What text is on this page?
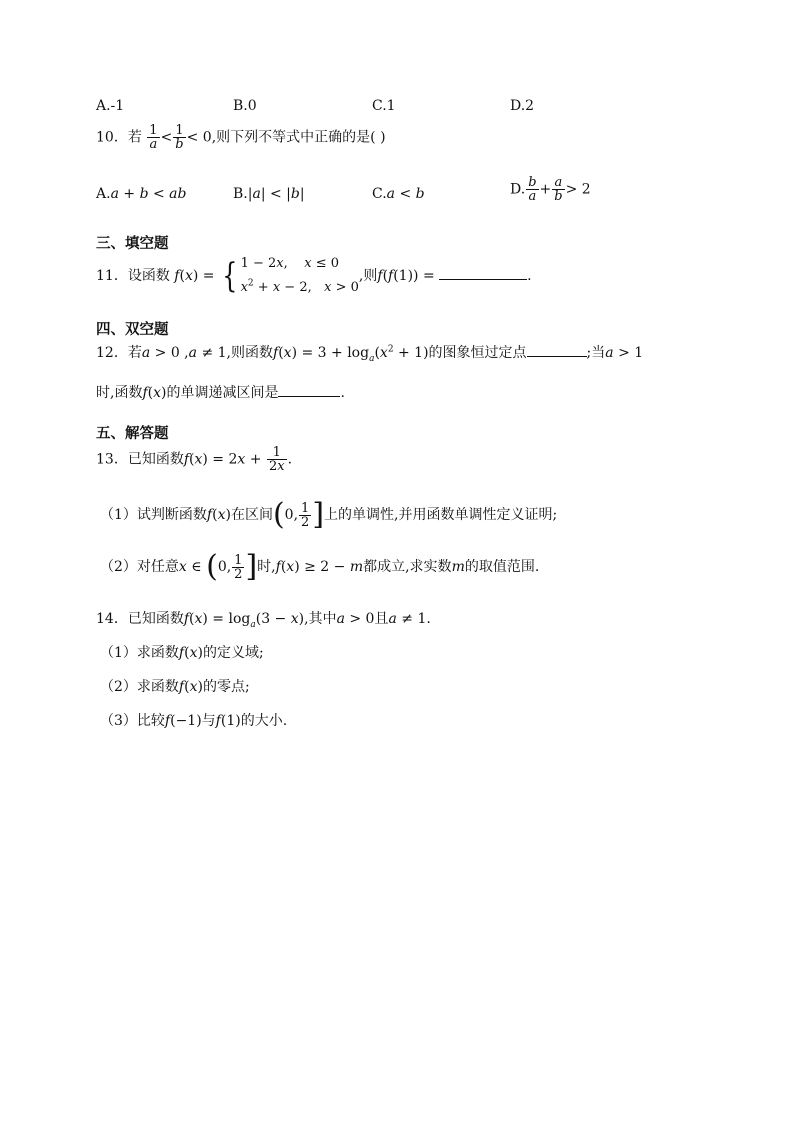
A.-1	B.0	C.1	D.2
10．若 $\frac{1}{a} < \frac{1}{b} < 0$,则下列不等式中正确的是( )
A.a + b < ab	B.|a| < |b|	C.a < b	D. $\frac{b}{a} + \frac{a}{b} > 2$
三、填空题
11．设函数 f(x) = { 1 − 2x,    x ≤ 0
$x^2 + x - 2$,   x > 0,则f(f(1)) =	.
四、双空题
12．若a > 0 ,a ≠ 1,则函数$f(x) = 3 + \log_a(x^2 + 1)$的图象恒过定点	;当a > 1
时,函数f(x)的单调递减区间是	.
五、解答题
13．已知函数$f(x) = 2x + \frac{1}{2x}$ .
（1）试判断函数f(x)在区间(0, $\frac{1}{2}$ ]上的单调性,并用函数单调性定义证明;
（2）对任意x ∈ (0, $\frac{1}{2}$ ]时,f(x) ≥ 2 − m都成立,求实数m的取值范围.
14．已知函数$f(x) = \log_a(3 - x)$,其中a > 0且a ≠ 1.
（1）求函数f(x)的定义域;
（2）求函数f(x)的零点;
（3）比较f(−1)与f(1)的大小.
